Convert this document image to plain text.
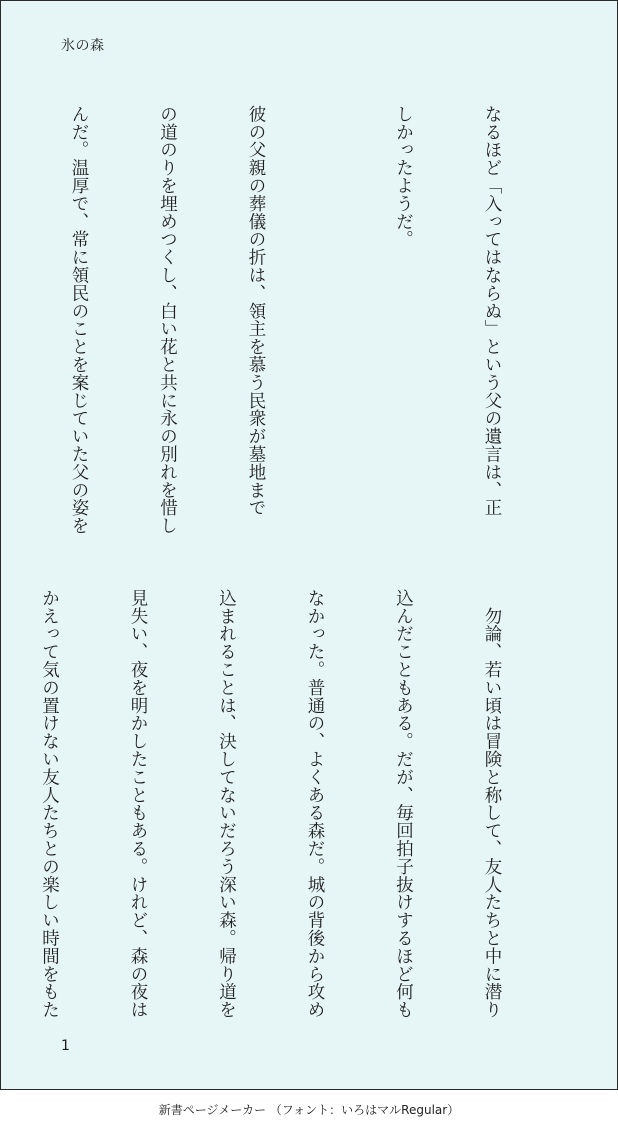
氷の森

なるほど「入ってはならぬ」という父の遺言は、正

しかったようだ。

彼の父親の葬儀の折は、領主を慕う民衆が墓地まで

の道のりを埋めつくし、白い花と共に永の別れを惜し

んだ。温厚で、常に領民のことを案じていた父の姿を

　勿論、若い頃は冒険と称して、友人たちと中に潜り

込んだこともある。だが、毎回拍子抜けするほど何も

なかった。普通の、よくある森だ。城の背後から攻め

込まれることは、決してないだろう深い森。帰り道を

見失い、夜を明かしたこともある。けれど、森の夜は

かえって気の置けない友人たちとの楽しい時間をもた

1
新書ページメーカー （フォント：いろはマルRegular）
